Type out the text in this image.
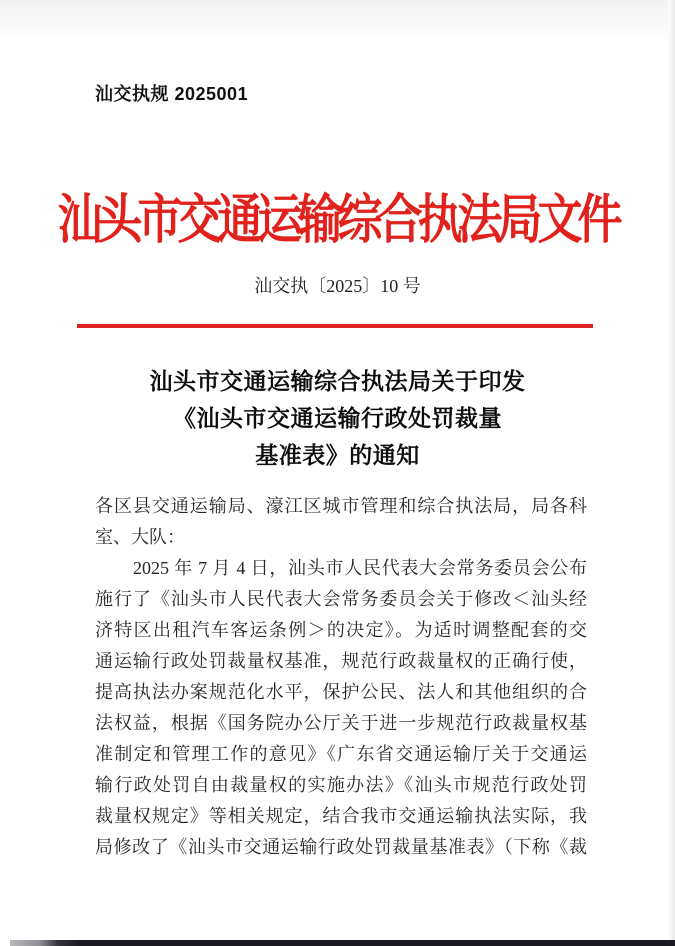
汕交执规 2025001
汕头市交通运输综合执法局文件
汕交执〔2025〕10 号
汕头市交通运输综合执法局关于印发
《汕头市交通运输行政处罚裁量
基准表》的通知
各区县交通运输局、濠江区城市管理和综合执法局，局各科
室、大队：
2025 年 7 月 4 日，汕头市人民代表大会常务委员会公布
施行了《汕头市人民代表大会常务委员会关于修改＜汕头经
济特区出租汽车客运条例＞的决定》。为适时调整配套的交
通运输行政处罚裁量权基准，规范行政裁量权的正确行使，
提高执法办案规范化水平，保护公民、法人和其他组织的合
法权益，根据《国务院办公厅关于进一步规范行政裁量权基
准制定和管理工作的意见》《广东省交通运输厅关于交通运
输行政处罚自由裁量权的实施办法》《汕头市规范行政处罚
裁量权规定》等相关规定，结合我市交通运输执法实际，我
局修改了《汕头市交通运输行政处罚裁量基准表》（下称《裁
